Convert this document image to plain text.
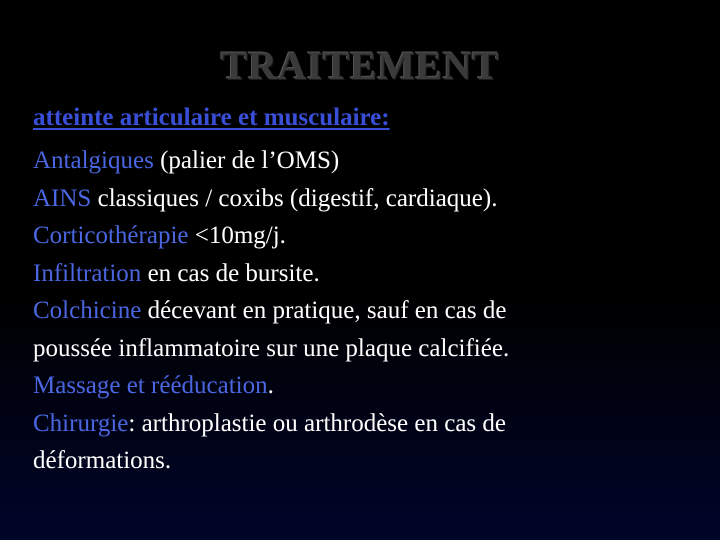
TRAITEMENT
atteinte articulaire et musculaire:
Antalgiques (palier de l’OMS)
AINS classiques / coxibs (digestif, cardiaque).
Corticothérapie <10mg/j.
Infiltration en cas de bursite.
Colchicine décevant en pratique, sauf en cas de
poussée inflammatoire sur une plaque calcifiée.
Massage et rééducation.
Chirurgie: arthroplastie ou arthrodèse en cas de
déformations.
